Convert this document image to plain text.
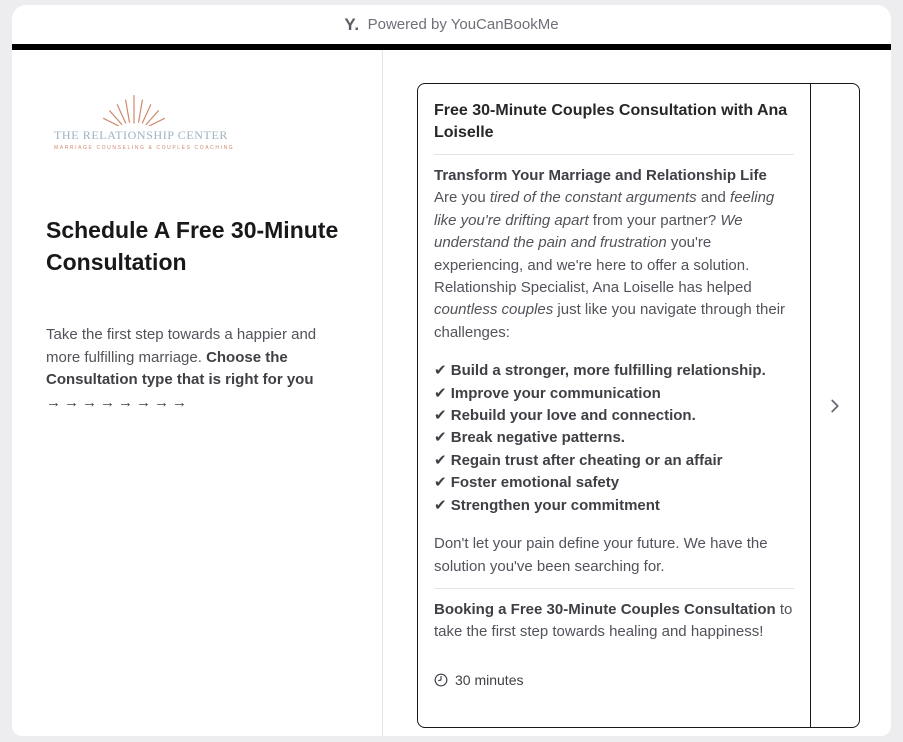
Y. Powered by YouCanBookMe
THE RELATIONSHIP CENTER
MARRIAGE COUNSELING & COUPLES COACHING
Schedule A Free 30-Minute Consultation

Take the first step towards a happier and more fulfilling marriage. Choose the Consultation type that is right for you

→→→→→→→→
Free 30-Minute Couples Consultation with Ana Loiselle

Transform Your Marriage and Relationship Life

Are you tired of the constant arguments and feeling like you're drifting apart from your partner? We understand the pain and frustration you're experiencing, and we're here to offer a solution. Relationship Specialist, Ana Loiselle has helped countless couples just like you navigate through their challenges:

✔ Build a stronger, more fulfilling relationship.
✔ Improve your communication
✔ Rebuild your love and connection.
✔ Break negative patterns.
✔ Regain trust after cheating or an affair
✔ Foster emotional safety
✔ Strengthen your commitment

Don't let your pain define your future. We have the solution you've been searching for.

Booking a Free 30-Minute Couples Consultation to take the first step towards healing and happiness!

30 minutes
